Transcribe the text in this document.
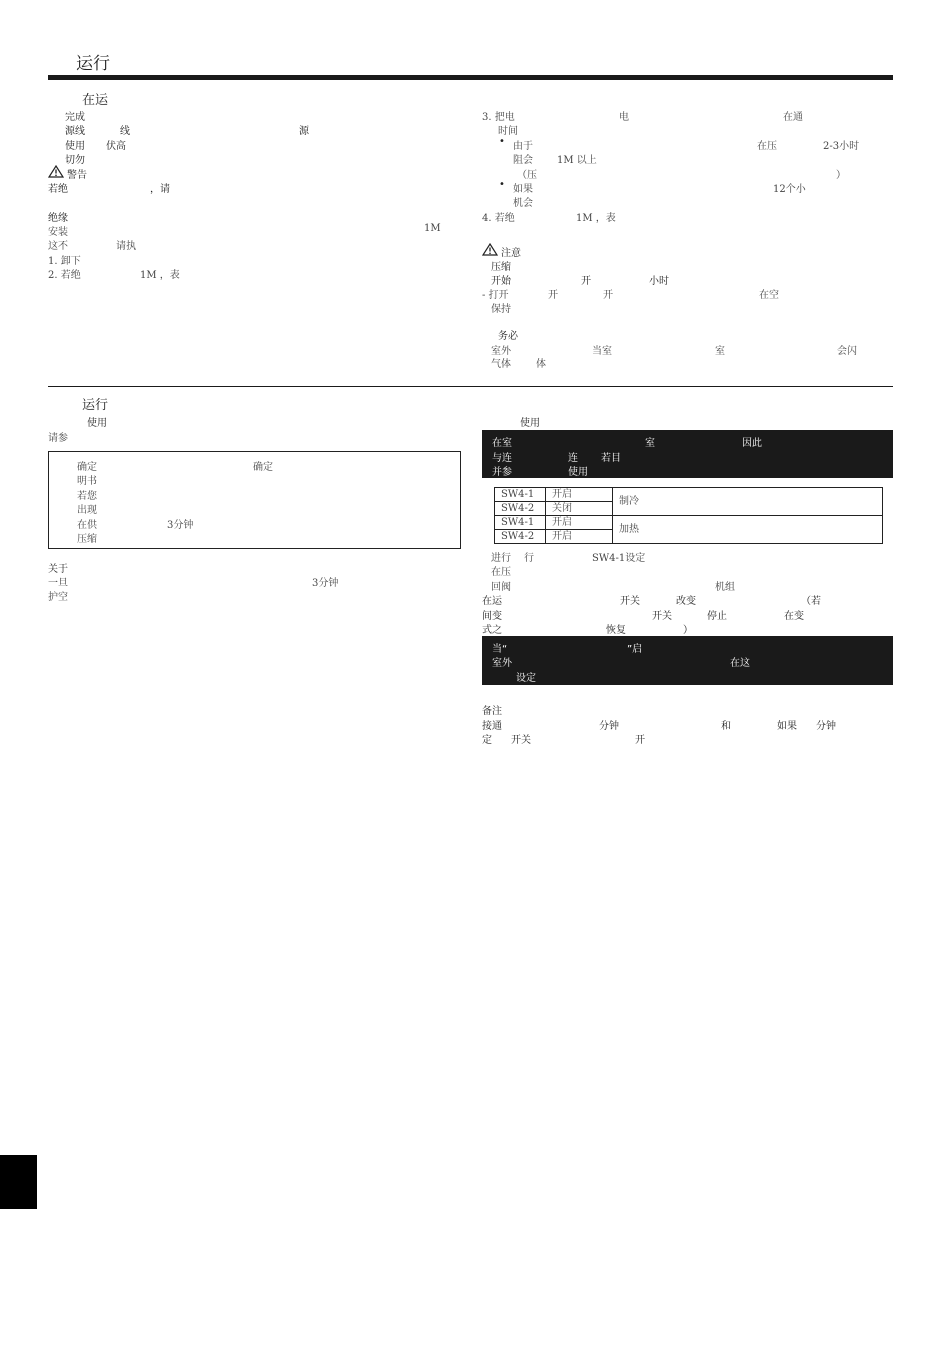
运行
在运
完成
源线	线	源
使用 伏高
切勿
警告
若绝	，请
绝缘
安装	1M
这不	请执
1. 卸下
2. 若绝	1M ，表
3. 把电	电	在通
时间
• 由于	在压	2-3小时
阻会 1M 以上
（压	）
• 如果	12个小
机会
4. 若绝	1M ，表
注意
压缩
开始	开	小时
- 打开	开	开	在空
保持
务必
室外	当室	室	会闪
气体	体
运行
使用
请参
确定	确定
明书
若您
出现
在供	3分钟
压缩
关于
一旦	3分钟
护空
使用
在室	室	因此
与连	连 若目
并参	使用
SW4-1	开启	制冷
SW4-2	关闭	
SW4-1	开启	加热
SW4-2	开启	
进行 行	SW4-1设定
在压
回阀	机组
在运	开关	改变	（若
间变	开关	停止	在变
式之	恢复	）
当“	”启
室外	在这
设定
备注
接通	分钟	和	如果 分钟
定 开关	开
